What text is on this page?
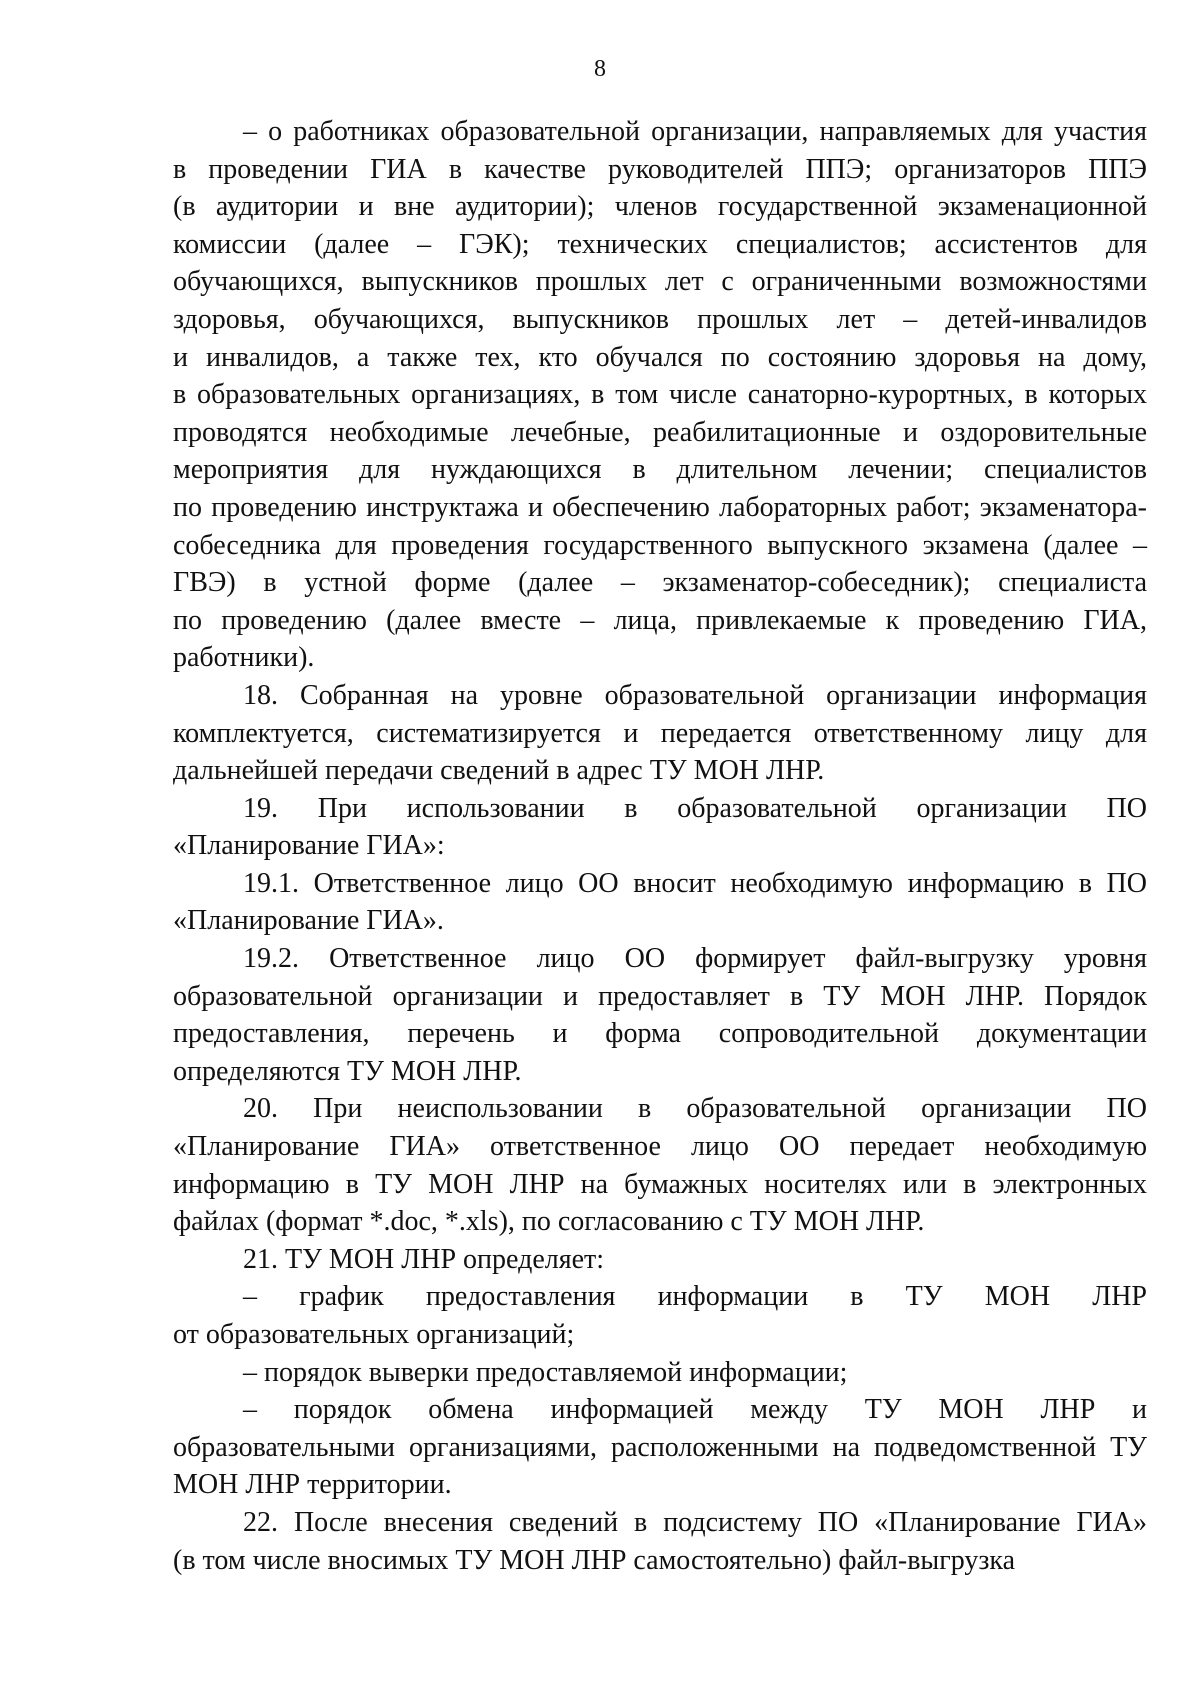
8
– о работниках образовательной организации, направляемых для участия
в проведении ГИА в качестве руководителей ППЭ; организаторов ППЭ
(в аудитории и вне аудитории); членов государственной экзаменационной
комиссии (далее – ГЭК); технических специалистов; ассистентов для
обучающихся, выпускников прошлых лет с ограниченными возможностями
здоровья, обучающихся, выпускников прошлых лет – детей-инвалидов
и инвалидов, а также тех, кто обучался по состоянию здоровья на дому,
в образовательных организациях, в том числе санаторно-курортных, в которых
проводятся необходимые лечебные, реабилитационные и оздоровительные
мероприятия для нуждающихся в длительном лечении; специалистов
по проведению инструктажа и обеспечению лабораторных работ; экзаменатора-
собеседника для проведения государственного выпускного экзамена (далее –
ГВЭ) в устной форме (далее – экзаменатор-собеседник); специалиста
по проведению (далее вместе – лица, привлекаемые к проведению ГИА,
работники).
18. Собранная на уровне образовательной организации информация
комплектуется, систематизируется и передается ответственному лицу для
дальнейшей передачи сведений в адрес ТУ МОН ЛНР.
19. При использовании в образовательной организации ПО
«Планирование ГИА»:
19.1. Ответственное лицо ОО вносит необходимую информацию в ПО
«Планирование ГИА».
19.2. Ответственное лицо ОО формирует файл-выгрузку уровня
образовательной организации и предоставляет в ТУ МОН ЛНР. Порядок
предоставления, перечень и форма сопроводительной документации
определяются ТУ МОН ЛНР.
20. При неиспользовании в образовательной организации ПО
«Планирование ГИА» ответственное лицо ОО передает необходимую
информацию в ТУ МОН ЛНР на бумажных носителях или в электронных
файлах (формат *.doc, *.xls), по согласованию с ТУ МОН ЛНР.
21. ТУ МОН ЛНР определяет:
– график предоставления информации в ТУ МОН ЛНР
от образовательных организаций;
– порядок выверки предоставляемой информации;
– порядок обмена информацией между ТУ МОН ЛНР и
образовательными организациями, расположенными на подведомственной ТУ
МОН ЛНР территории.
22. После внесения сведений в подсистему ПО «Планирование ГИА»
(в том числе вносимых ТУ МОН ЛНР самостоятельно) файл-выгрузка
